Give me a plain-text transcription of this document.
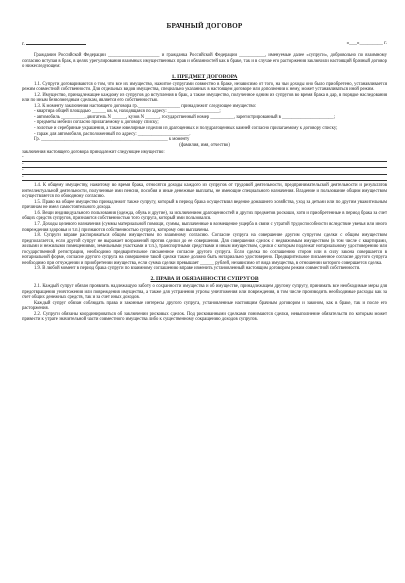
БРАЧНЫЙ ДОГОВОР
г.	«___»_________ г.

Гражданин Российской Федерации ______________________ и гражданка Российской Федерации ___________, именуемые далее «супруги», добровольно по взаимному согласию вступая в брак, в целях урегулирования взаимных имущественных прав и обязанностей как в браке, так и в случае его расторжения заключили настоящий брачный договор о нижеследующем:

1. ПРЕДМЕТ ДОГОВОРА

1.1. Супруги договариваются о том, что все их имущество, нажитое супругами совместно в браке, независимо от того, на чьи доходы оно было приобретено, устанавливается режим совместной собственности. Для отдельных видов имущества, специально указанных в настоящем договоре или дополнении к нему, может устанавливаться иной режим.

1.2. Имущество, принадлежащее каждому из супругов до вступления в брак, а также имущество, полученное одним из супругов во время брака в дар, в порядке наследования или по иным безвозмездным сделкам, является его собственностью.

1.3. К моменту заключения настоящего договора гр.__________________ принадлежит следующее имущество:

- квартира общей площадью ______ кв. м, находящаяся по адресу: ______________________;

- автомобиль __________, двигатель N ______, кузов N ______, государственный номер __________, зарегистрированный в ______________________;

- предметы мебели согласно прилагаемому к договору списку;

- золотые и серебряные украшения, а также ювелирные изделия из драгоценных и полудрагоценных камней согласно прилагаемому к договору списку;

- гараж для автомобиля, расположенный по адресу: ______________________.

Гр. ______________________________________________________ к моменту

(фамилия, имя, отчество)

заключения настоящего договора принадлежит следующее имущество:

-
-
-
-

1.4. К общему имуществу, нажитому во время брака, относятся доходы каждого из супругов от трудовой деятельности, предпринимательской деятельности и результатов интеллектуальной деятельности, полученные ими пенсии, пособия и иные денежные выплаты, не имеющие специального назначения. Владение и пользование общим имуществом осуществляется по обоюдному согласию.

1.5. Право на общее имущество принадлежит также супругу, который в период брака осуществлял ведение домашнего хозяйства, уход за детьми или по другим уважительным причинам не имел самостоятельного дохода.

1.6. Вещи индивидуального пользования (одежда, обувь и другие), за исключением драгоценностей и других предметов роскоши, хотя и приобретенные в период брака за счет общих средств супругов, признаются собственностью того супруга, который ими пользовался.

1.7. Доходы целевого назначения (суммы материальной помощи, суммы, выплаченные в возмещение ущерба в связи с утратой трудоспособности вследствие увечья или иного повреждения здоровья и т.п.) признаются собственностью супруга, которому они выплачены.

1.8. Супруги вправе распоряжаться общим имуществом по взаимному согласию. Согласие супруга на совершение другим супругом сделки с общим имуществом предполагается, если другой супруг не выражает возражений против сделки до ее совершения. Для совершения сделок с недвижимым имуществом (в том числе с квартирами, жилыми и нежилыми помещениями, земельными участками и т.п.), транспортными средствами и иным имуществом, сделки с которым подлежат нотариальному удостоверению или государственной регистрации, необходимо предварительное письменное согласие другого супруга. Если сделка по соглашению сторон или в силу закона совершается в нотариальной форме, согласие другого супруга на совершение такой сделки также должно быть нотариально удостоверено. Предварительное письменное согласие другого супруга необходимо при отчуждении и приобретении имущества, если сумма сделки превышает ______ рублей, независимо от вида имущества, в отношении которого совершается сделка.

1.9. В любой момент в период брака супруги по взаимному соглашению вправе изменить установленный настоящим договором режим совместной собственности.

2. ПРАВА И ОБЯЗАННОСТИ СУПРУГОВ

2.1. Каждый супруг обязан проявлять надлежащую заботу о сохранности имущества и об имуществе, принадлежащем другому супругу, принимать все необходимые меры для предотвращения уничтожения или повреждения имущества, а также для устранения угрозы уничтожения или повреждения, в том числе производить необходимые расходы как за счет общих денежных средств, так и за счет иных доходов.

Каждый супруг обязан соблюдать права и законные интересы другого супруга, установленные настоящим брачным договором и законом, как в браке, так и после его расторжения.

2.2. Супруги обязаны координироваться об заключении рисковых сделок. Под рискованными сделками понимаются сделки, невыполнение обязательств по которым может привести к утрате значительной части совместного имущества либо к существенному сокращению доходов супругов.
